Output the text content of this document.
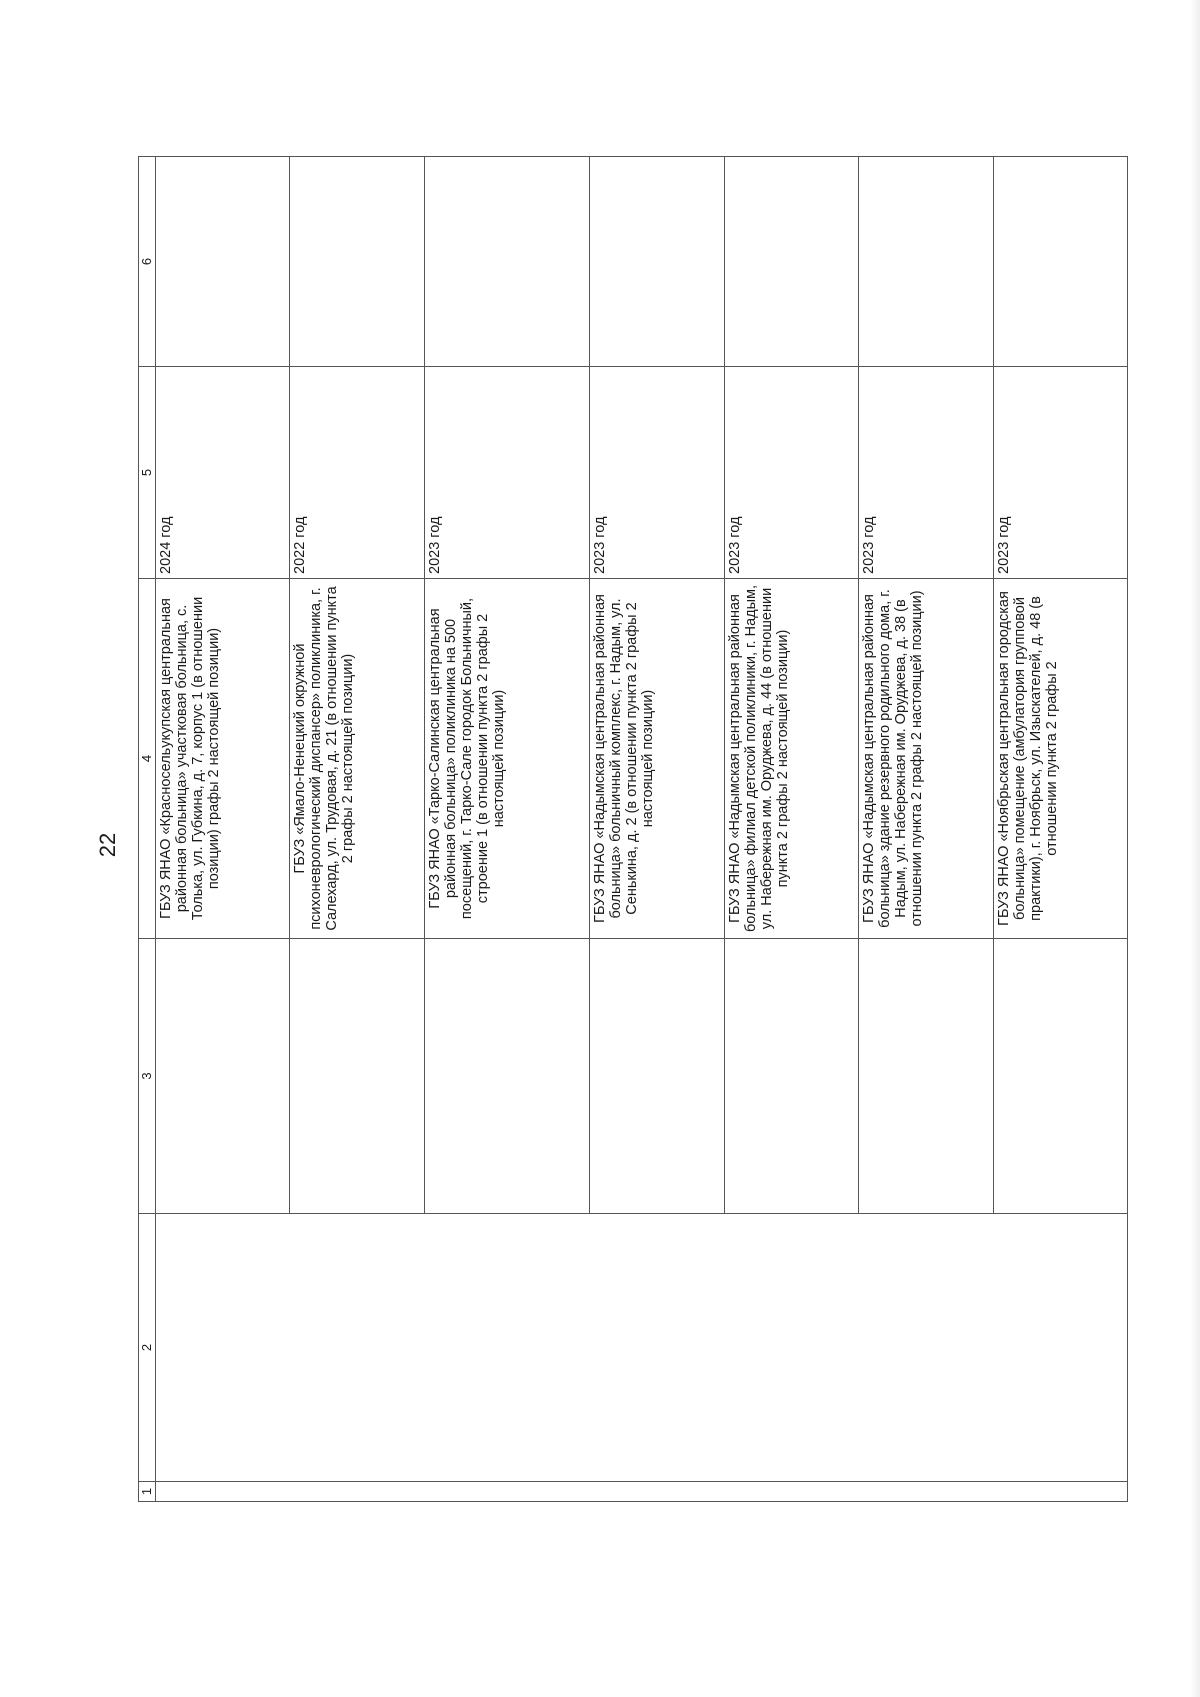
22
1	2	3	4	5	6
			ГБУЗ ЯНАО «Красносельукупская центральная районная больница» участковая больница, с. Толька, ул. Губкина, д. 7, корпус 1 (в отношении позиции) графы 2 настоящей позиции)	2024 год	
			ГБУЗ «Ямало-Ненецкий окружной психоневрологический диспансер» поликлиника, г. Салехард, ул. Трудовая, д. 21 (в отношении пункта 2 графы 2 настоящей позиции)	2022 год	
			ГБУЗ ЯНАО «Тарко-Салинская центральная районная больница» поликлиника на 500 посещений, г. Тарко-Сале городок Больничный, строение 1 (в отношении пункта 2 графы 2 настоящей позиции)	2023 год	
			ГБУЗ ЯНАО «Надымская центральная районная больница» больничный комплекс, г. Надым, ул. Сенькина, д. 2 (в отношении пункта 2 графы 2 настоящей позиции)	2023 год	
			ГБУЗ ЯНАО «Надымская центральная районная больница» филиал детской поликлиники, г. Надым, ул. Набережная им. Оруджева, д. 44 (в отношении пункта 2 графы 2 настоящей позиции)	2023 год	
			ГБУЗ ЯНАО «Надымская центральная районная больница» здание резервного родильного дома, г. Надым, ул. Набережная им. Оруджева, д. 38 (в отношении пункта 2 графы 2 настоящей позиции)	2023 год	
			ГБУЗ ЯНАО «Ноябрьская центральная городская больница» помещение (амбулатория групповой практики), г. Ноябрьск, ул. Изыскателей, д. 48 (в отношении пункта 2 графы 2	2023 год	
